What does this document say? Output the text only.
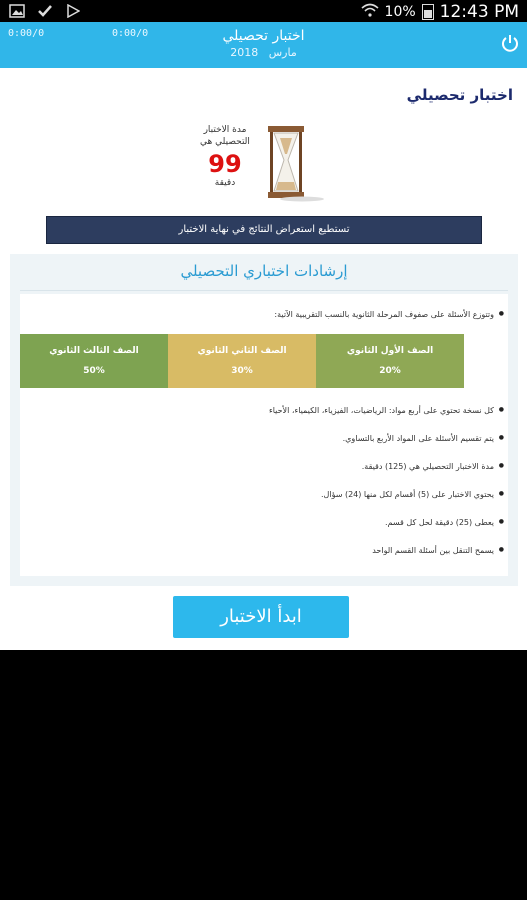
10% 12:43 PM
0:00/0	0:00/0	اختبار تحصيلي
مارس   2018
اختبار تحصيلي
مدة الاختبار
التحصيلي هي
99
دقيقة
تستطيع استعراض النتائج في نهاية الاختبار
إرشادات اختباري التحصيلي
وتتوزع الأسئلة على صفوف المرحلة الثانوية بالنسب التقريبية الآتية: ●
الصف الأول الثانوي
20%
الصف الثاني الثانوي
30%
الصف الثالث الثانوي
50%
كل نسخة تحتوي على أربع مواد: الرياضيات، الفيزياء، الكيمياء، الأحياء ●
يتم تقسيم الأسئلة على المواد الأربع بالتساوي. ●
مدة الاختبار التحصيلي هي (125) دقيقة. ●
يحتوي الاختبار على (5) أقسام لكل منها (24) سؤال. ●
يعطى (25) دقيقة لحل كل قسم. ●
يسمح التنقل بين أسئلة القسم الواحد ●
ابدأ الاختبار
